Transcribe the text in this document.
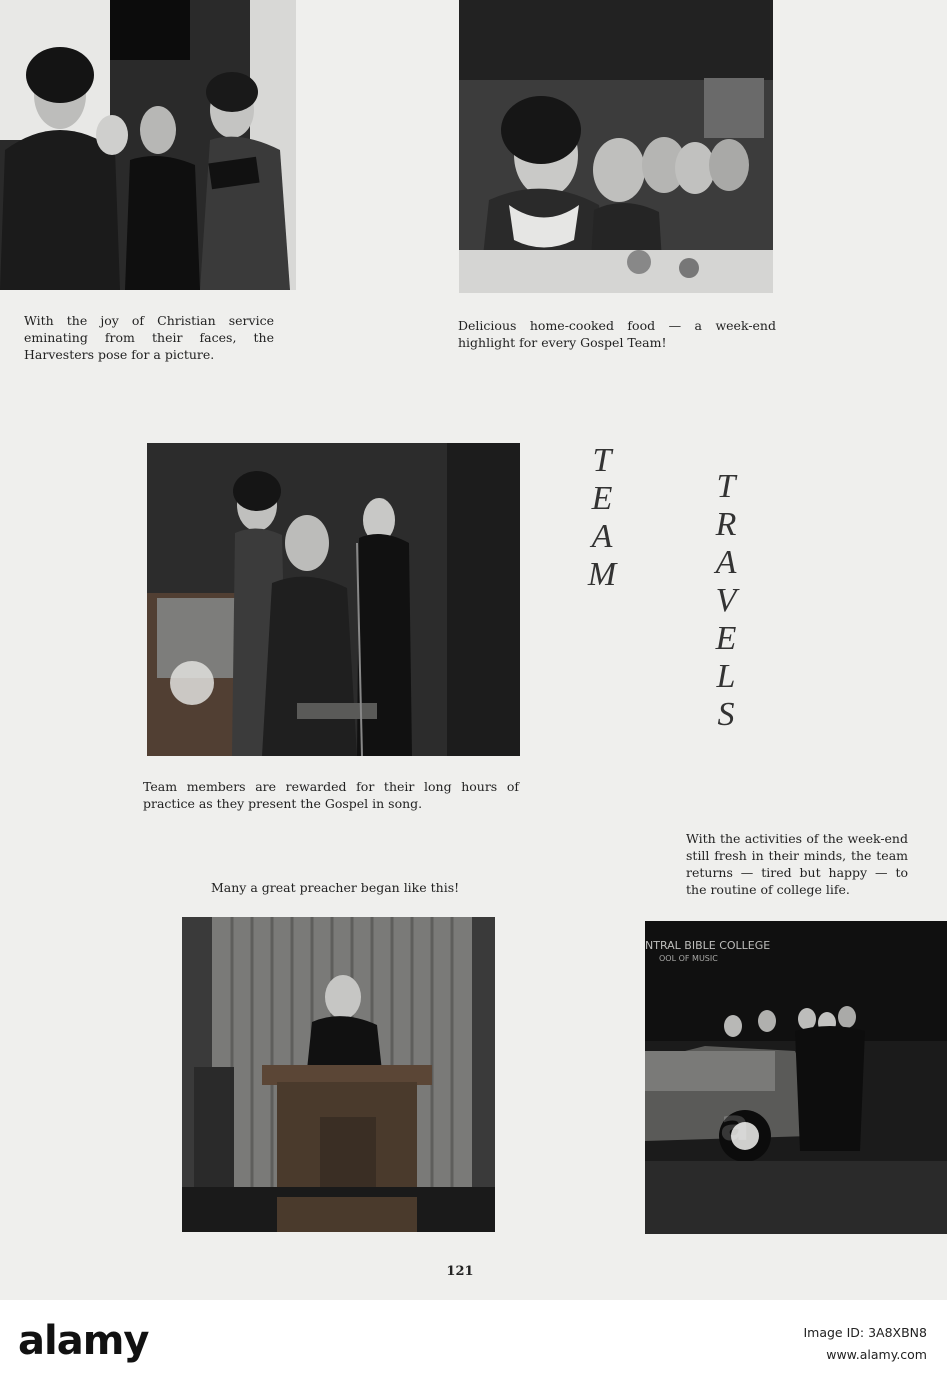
With the joy of Christian service eminating from their faces, the Harvesters pose for a picture.
Delicious home-cooked food — a week-end highlight for every Gospel Team!
Team members are rewarded for their long hours of practice as they present the Gospel in song.
T
E
A
M
T
R
A
V
E
L
S
With the activities of the week-end still fresh in their minds, the team returns — tired but happy — to the routine of college life.
Many a great preacher began like this!
NTRAL BIBLE COLLEGE
OOL OF MUSIC
121
alamy	Image ID: 3A8XBN8
www.alamy.com
